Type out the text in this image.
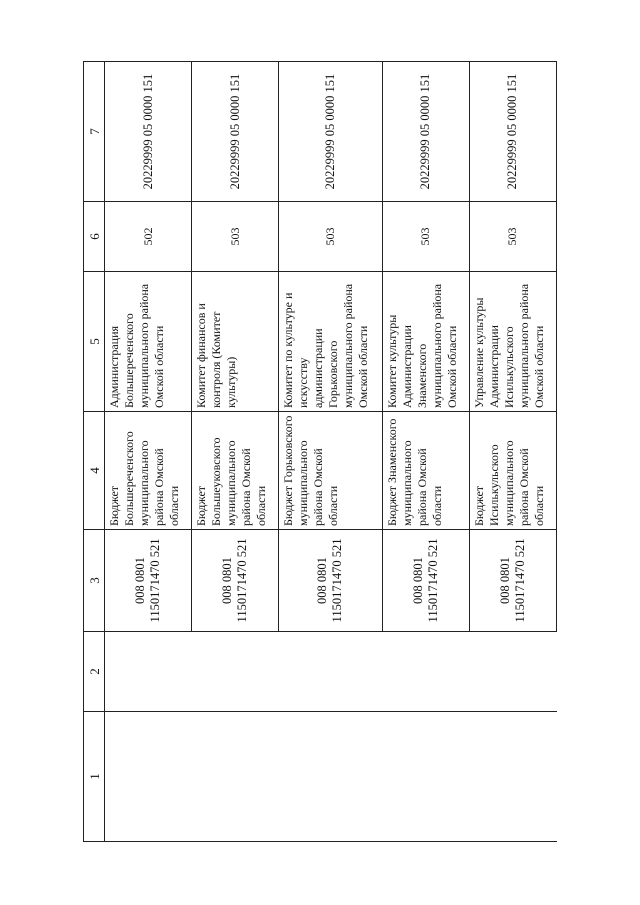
1	2	3	4	5	6	7
		008 0801 1150171470 521	Бюджет Большереченского муниципального района Омской области	Администрация Большереченского муниципального района Омской области	502	20229999 05 0000 151
		008 0801 1150171470 521	Бюджет Большеуковского муниципального района Омской области	Комитет финансов и контроля (Комитет культуры)	503	20229999 05 0000 151
		008 0801 1150171470 521	Бюджет Горьковского муниципального района Омской области	Комитет по культуре и искусству администрации Горьковского муниципального района Омской области	503	20229999 05 0000 151
		008 0801 1150171470 521	Бюджет Знаменского муниципального района Омской области	Комитет культуры Администрации Знаменского муниципального района Омской области	503	20229999 05 0000 151
		008 0801 1150171470 521	Бюджет Исилькульского муниципального района Омской области	Управление культуры Администрации Исилькульского муниципального района Омской области	503	20229999 05 0000 151
